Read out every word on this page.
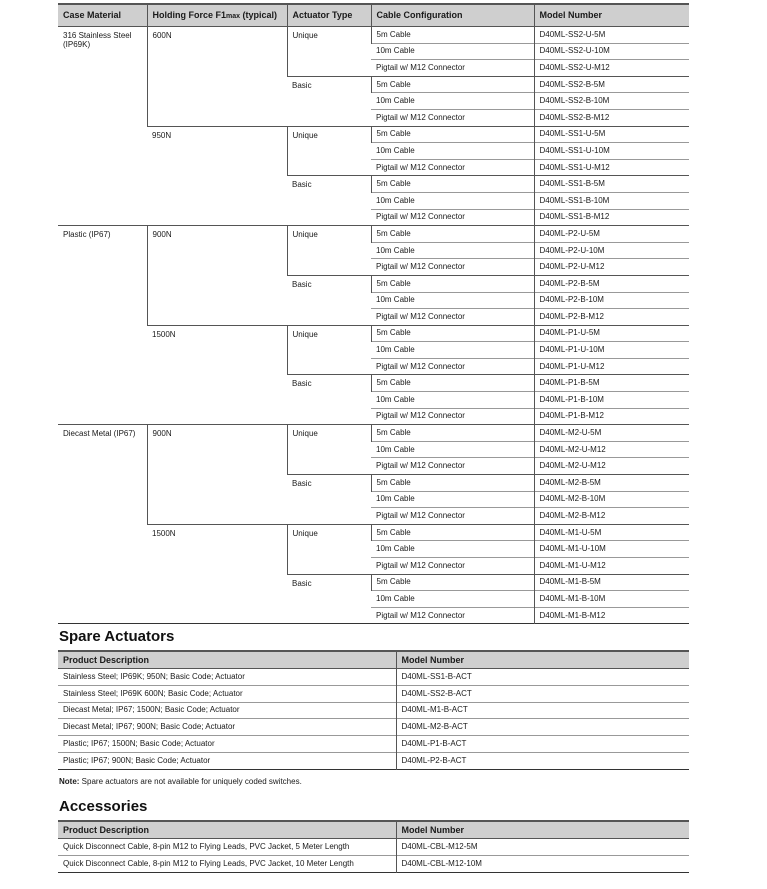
Case Material	Holding Force F1max (typical)	Actuator Type	Cable Configuration	Model Number
316 Stainless Steel (IP69K)	600N	Unique	5m Cable	D40ML-SS2-U-5M
			10m Cable	D40ML-SS2-U-10M
			Pigtail w/ M12 Connector	D40ML-SS2-U-M12
		Basic	5m Cable	D40ML-SS2-B-5M
			10m Cable	D40ML-SS2-B-10M
			Pigtail w/ M12 Connector	D40ML-SS2-B-M12
	950N	Unique	5m Cable	D40ML-SS1-U-5M
			10m Cable	D40ML-SS1-U-10M
			Pigtail w/ M12 Connector	D40ML-SS1-U-M12
		Basic	5m Cable	D40ML-SS1-B-5M
			10m Cable	D40ML-SS1-B-10M
			Pigtail w/ M12 Connector	D40ML-SS1-B-M12
Plastic (IP67)	900N	Unique	5m Cable	D40ML-P2-U-5M
			10m Cable	D40ML-P2-U-10M
			Pigtail w/ M12 Connector	D40ML-P2-U-M12
		Basic	5m Cable	D40ML-P2-B-5M
			10m Cable	D40ML-P2-B-10M
			Pigtail w/ M12 Connector	D40ML-P2-B-M12
	1500N	Unique	5m Cable	D40ML-P1-U-5M
			10m Cable	D40ML-P1-U-10M
			Pigtail w/ M12 Connector	D40ML-P1-U-M12
		Basic	5m Cable	D40ML-P1-B-5M
			10m Cable	D40ML-P1-B-10M
			Pigtail w/ M12 Connector	D40ML-P1-B-M12
Diecast Metal (IP67)	900N	Unique	5m Cable	D40ML-M2-U-5M
			10m Cable	D40ML-M2-U-M12
			Pigtail w/ M12 Connector	D40ML-M2-U-M12
		Basic	5m Cable	D40ML-M2-B-5M
			10m Cable	D40ML-M2-B-10M
			Pigtail w/ M12 Connector	D40ML-M2-B-M12
	1500N	Unique	5m Cable	D40ML-M1-U-5M
			10m Cable	D40ML-M1-U-10M
			Pigtail w/ M12 Connector	D40ML-M1-U-M12
		Basic	5m Cable	D40ML-M1-B-5M
			10m Cable	D40ML-M1-B-10M
			Pigtail w/ M12 Connector	D40ML-M1-B-M12
Spare Actuators
Product Description	Model Number
Stainless Steel; IP69K; 950N; Basic Code; Actuator	D40ML-SS1-B-ACT
Stainless Steel; IP69K 600N; Basic Code; Actuator	D40ML-SS2-B-ACT
Diecast Metal; IP67; 1500N; Basic Code; Actuator	D40ML-M1-B-ACT
Diecast Metal; IP67; 900N; Basic Code; Actuator	D40ML-M2-B-ACT
Plastic; IP67; 1500N; Basic Code; Actuator	D40ML-P1-B-ACT
Plastic; IP67; 900N; Basic Code; Actuator	D40ML-P2-B-ACT

Note: Spare actuators are not available for uniquely coded switches.

Accessories
Product Description	Model Number
Quick Disconnect Cable, 8-pin M12 to Flying Leads, PVC Jacket, 5 Meter Length	D40ML-CBL-M12-5M
Quick Disconnect Cable, 8-pin M12 to Flying Leads, PVC Jacket, 10 Meter Length	D40ML-CBL-M12-10M
